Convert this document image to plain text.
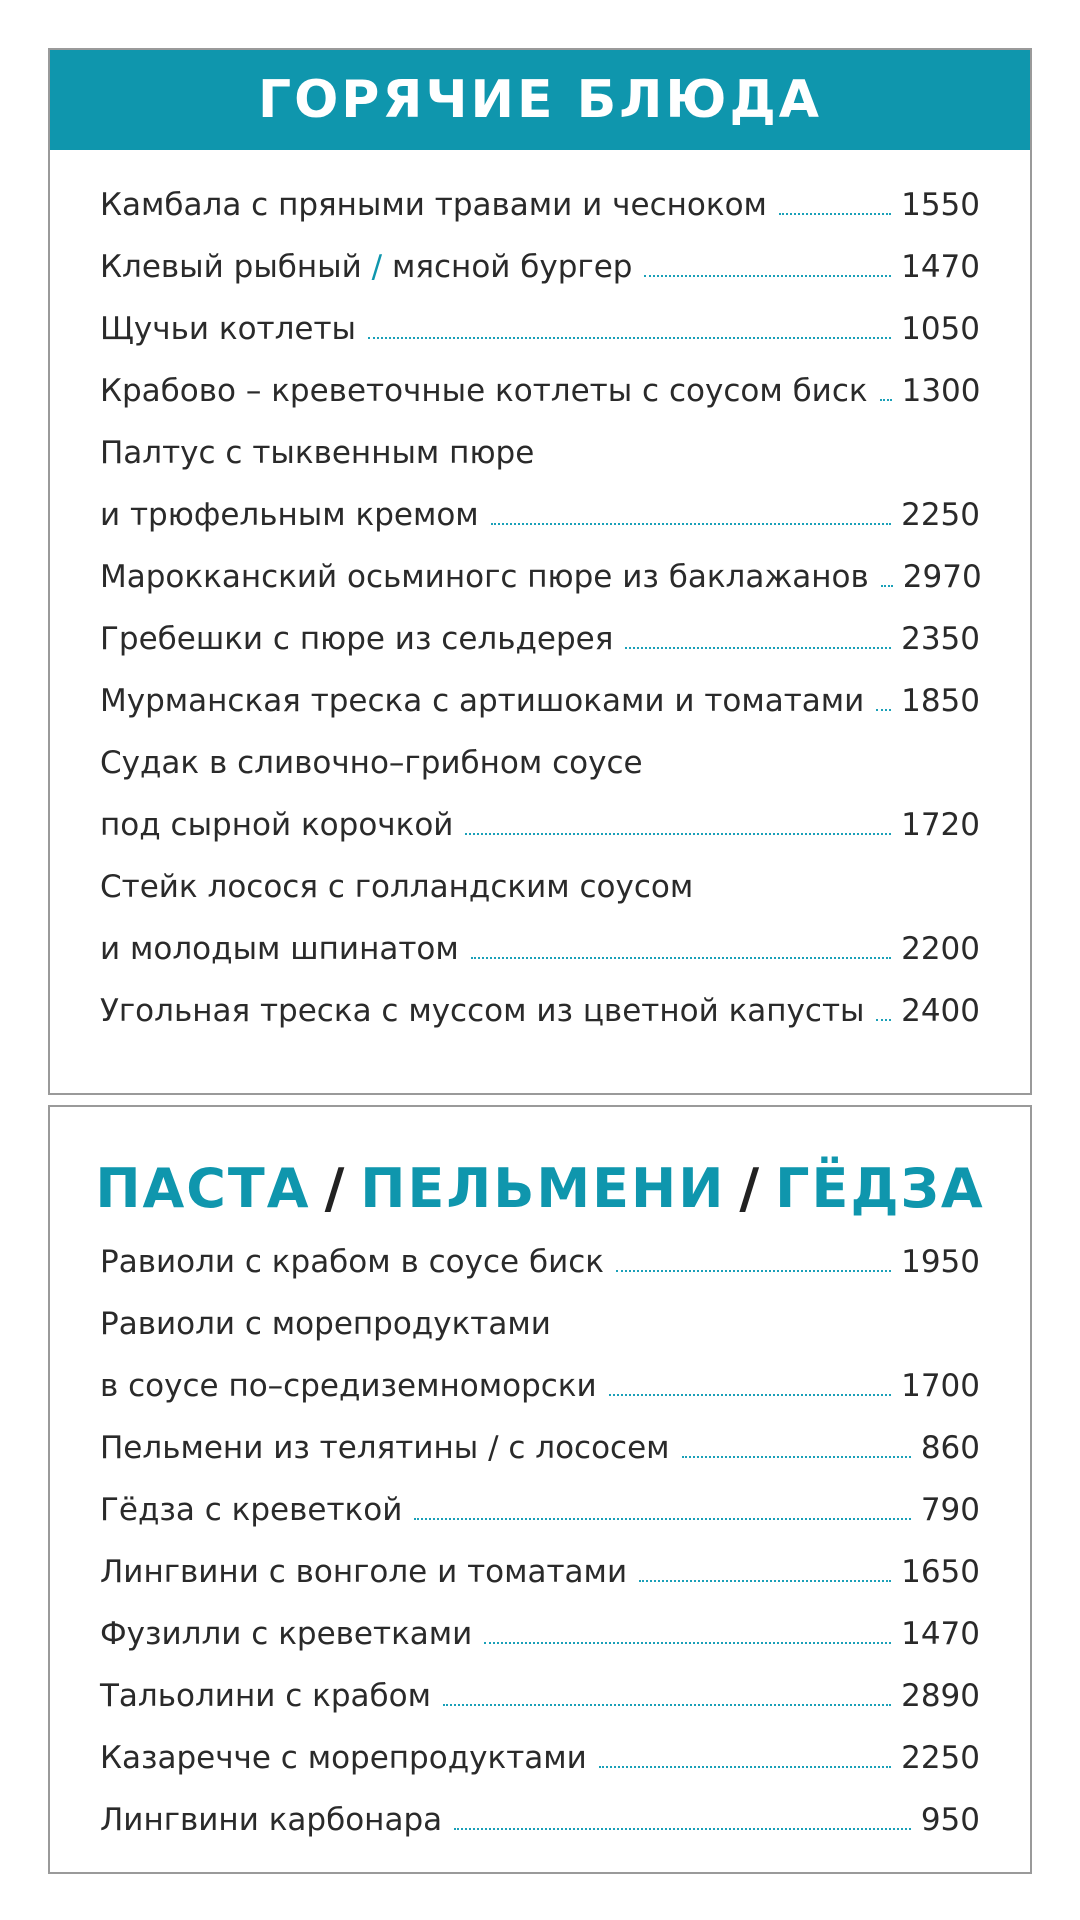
ГОРЯЧИЕ БЛЮДА
Камбала с пряными травами и чесноком	1550
Клевый рыбный / мясной бургер	1470
Щучьи котлеты	1050
Крабово – креветочные котлеты с соусом биск 1300
Палтус с тыквенным пюре
и трюфельным кремом	2250
Марокканский осьминогс пюре из баклажанов 2970
Гребешки с пюре из сельдерея	2350
Мурманская треска с артишоками и томатами 1850
Судак в сливочно–грибном соусе
под сырной корочкой	1720
Стейк лосося с голландским соусом
и молодым шпинатом	2200
Угольная треска с муссом из цветной капусты 2400
ПАСТА / ПЕЛЬМЕНИ / ГЁДЗА
Равиоли с крабом в соусе биск	1950
Равиоли с морепродуктами
в соусе по–средиземноморски	1700
Пельмени из телятины / с лососем	860
Гёдза с креветкой	790
Лингвини с вонголе и томатами	1650
Фузилли с креветками	1470
Тальолини с крабом	2890
Казаречче с морепродуктами	2250
Лингвини карбонара	950
